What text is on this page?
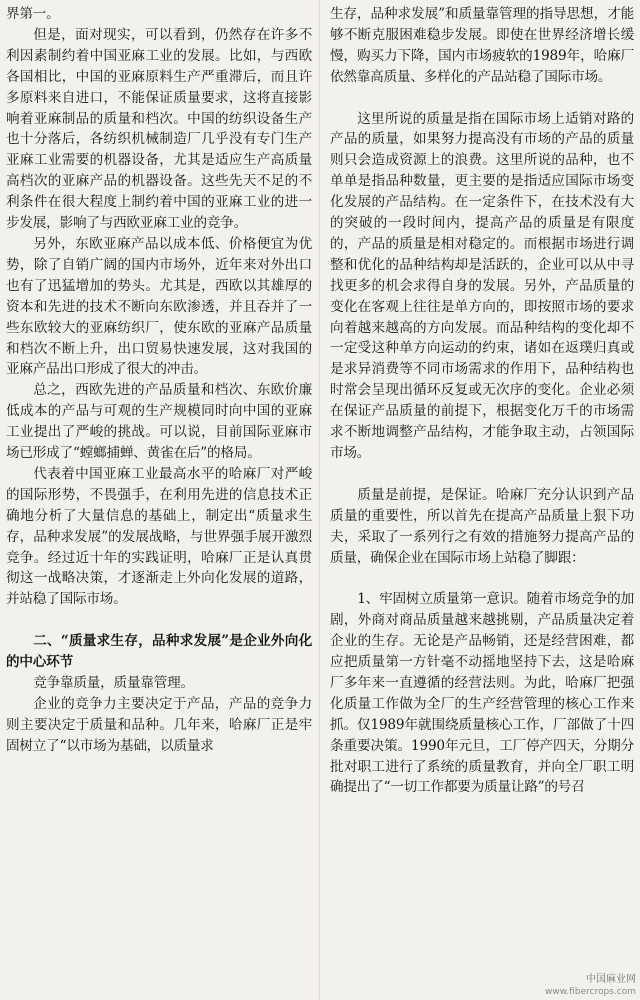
界第一。

但是，面对现实，可以看到，仍然存在许多不利因素制约着中国亚麻工业的发展。比如，与西欧各国相比，中国的亚麻原料生产严重滞后，而且许多原料来自进口，不能保证质量要求，这将直接影响着亚麻制品的质量和档次。中国的纺织设备生产也十分落后，各纺织机械制造厂几乎没有专门生产亚麻工业需要的机器设备，尤其是适应生产高质量高档次的亚麻产品的机器设备。这些先天不足的不利条件在很大程度上制约着中国的亚麻工业的进一步发展，影响了与西欧亚麻工业的竞争。

另外，东欧亚麻产品以成本低、价格便宜为优势，除了自销广阔的国内市场外，近年来对外出口也有了迅猛增加的势头。尤其是，西欧以其雄厚的资本和先进的技术不断向东欧渗透，并且吞并了一些东欧较大的亚麻纺织厂，使东欧的亚麻产品质量和档次不断上升，出口贸易快速发展，这对我国的亚麻产品出口形成了很大的冲击。

总之，西欧先进的产品质量和档次、东欧价廉低成本的产品与可观的生产规模同时向中国的亚麻工业提出了严峻的挑战。可以说，目前国际亚麻市场已形成了“螳螂捕蝉、黄雀在后”的格局。

代表着中国亚麻工业最高水平的哈麻厂对严峻的国际形势，不畏强手，在利用先进的信息技术正确地分析了大量信息的基础上，制定出“质量求生存，品种求发展”的发展战略，与世界强手展开激烈竞争。经过近十年的实践证明，哈麻厂正是认真贯彻这一战略决策，才逐渐走上外向化发展的道路，并站稳了国际市场。

二、“质量求生存，品种求发展”是企业外向化的中心环节

竞争靠质量，质量靠管理。

企业的竞争力主要决定于产品，产品的竞争力则主要决定于质量和品种。几年来，哈麻厂正是牢固树立了“以市场为基础，以质量求

生存，品种求发展”和质量靠管理的指导思想，才能够不断克服困难稳步发展。即使在世界经济增长缓慢，购买力下降，国内市场疲软的1989年，哈麻厂依然靠高质量、多样化的产品站稳了国际市场。

这里所说的质量是指在国际市场上适销对路的产品的质量，如果努力提高没有市场的产品的质量则只会造成资源上的浪费。这里所说的品种，也不单单是指品种数量，更主要的是指适应国际市场变化发展的产品结构。在一定条件下，在技术没有大的突破的一段时间内，提高产品的质量是有限度的，产品的质量是相对稳定的。而根据市场进行调整和优化的品种结构却是活跃的，企业可以从中寻找更多的机会求得自身的发展。另外，产品质量的变化在客观上往往是单方向的，即按照市场的要求向着越来越高的方向发展。而品种结构的变化却不一定受这种单方向运动的约束，诸如在返璞归真或是求异消费等不同市场需求的作用下，品种结构也时常会呈现出循环反复或无次序的变化。企业必须在保证产品质量的前提下，根据变化万千的市场需求不断地调整产品结构，才能争取主动，占领国际市场。

质量是前提，是保证。哈麻厂充分认识到产品质量的重要性，所以首先在提高产品质量上狠下功夫，采取了一系列行之有效的措施努力提高产品的质量，确保企业在国际市场上站稳了脚跟：

1、牢固树立质量第一意识。随着市场竞争的加剧，外商对商品质量越来越挑剔，产品质量决定着企业的生存。无论是产品畅销，还是经营困难，都应把质量第一方针毫不动摇地坚持下去，这是哈麻厂多年来一直遵循的经营法则。为此，哈麻厂把强化质量工作做为全厂的生产经营管理的核心工作来抓。仅1989年就围绕质量核心工作，厂部做了十四条重要决策。1990年元旦，工厂停产四天，分期分批对职工进行了系统的质量教育，并向全厂职工明确提出了“一切工作都要为质量让路”的号召

中国麻业网
www.fibercrops.com
